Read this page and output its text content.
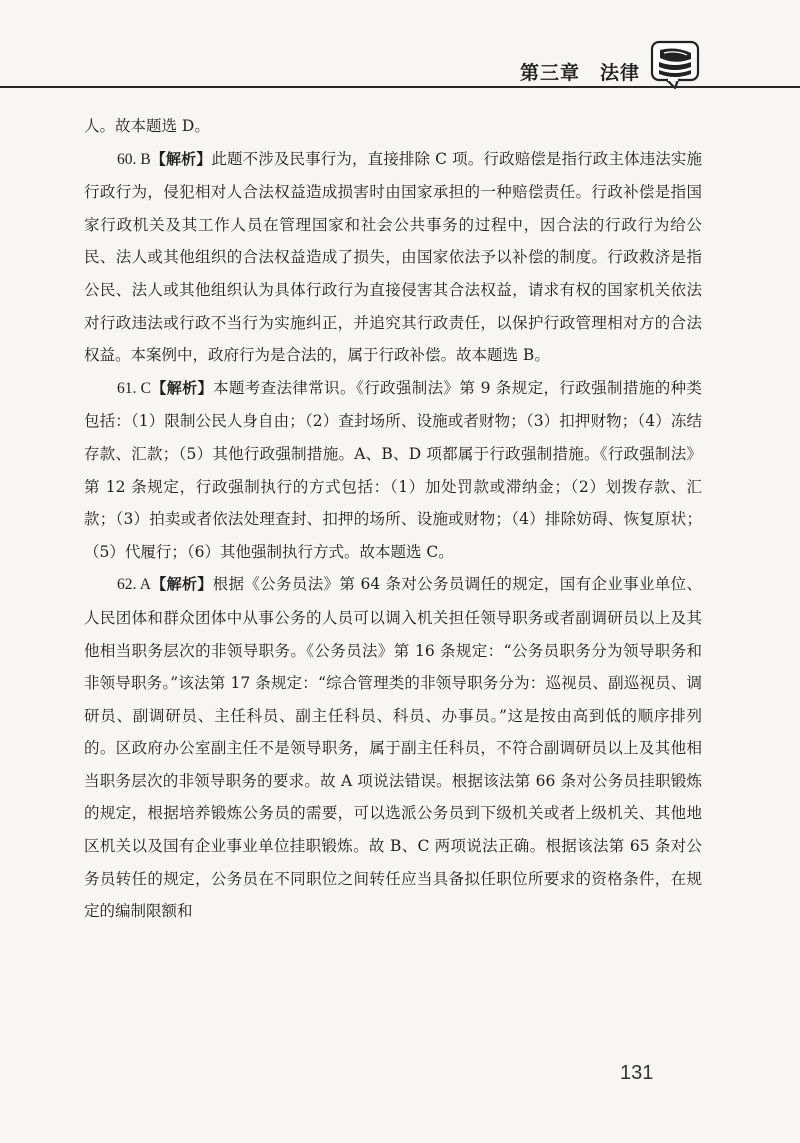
第三章　法律

人。故本题选 D。

60. B【解析】此题不涉及民事行为，直接排除 C 项。行政赔偿是指行政主体违法实施行政行为，侵犯相对人合法权益造成损害时由国家承担的一种赔偿责任。行政补偿是指国家行政机关及其工作人员在管理国家和社会公共事务的过程中，因合法的行政行为给公民、法人或其他组织的合法权益造成了损失，由国家依法予以补偿的制度。行政救济是指公民、法人或其他组织认为具体行政行为直接侵害其合法权益，请求有权的国家机关依法对行政违法或行政不当行为实施纠正，并追究其行政责任，以保护行政管理相对方的合法权益。本案例中，政府行为是合法的，属于行政补偿。故本题选 B。

61. C【解析】本题考查法律常识。《行政强制法》第 9 条规定，行政强制措施的种类包括：（1）限制公民人身自由；（2）查封场所、设施或者财物；（3）扣押财物；（4）冻结存款、汇款；（5）其他行政强制措施。A、B、D 项都属于行政强制措施。《行政强制法》第 12 条规定，行政强制执行的方式包括：（1）加处罚款或滞纳金；（2）划拨存款、汇款；（3）拍卖或者依法处理查封、扣押的场所、设施或财物；（4）排除妨碍、恢复原状；（5）代履行；（6）其他强制执行方式。故本题选 C。

62. A【解析】根据《公务员法》第 64 条对公务员调任的规定，国有企业事业单位、人民团体和群众团体中从事公务的人员可以调入机关担任领导职务或者副调研员以上及其他相当职务层次的非领导职务。《公务员法》第 16 条规定：“公务员职务分为领导职务和非领导职务。”该法第 17 条规定：“综合管理类的非领导职务分为：巡视员、副巡视员、调研员、副调研员、主任科员、副主任科员、科员、办事员。”这是按由高到低的顺序排列的。区政府办公室副主任不是领导职务，属于副主任科员，不符合副调研员以上及其他相当职务层次的非领导职务的要求。故 A 项说法错误。根据该法第 66 条对公务员挂职锻炼的规定，根据培养锻炼公务员的需要，可以选派公务员到下级机关或者上级机关、其他地区机关以及国有企业事业单位挂职锻炼。故 B、C 两项说法正确。根据该法第 65 条对公务员转任的规定，公务员在不同职位之间转任应当具备拟任职位所要求的资格条件，在规定的编制限额和

131
